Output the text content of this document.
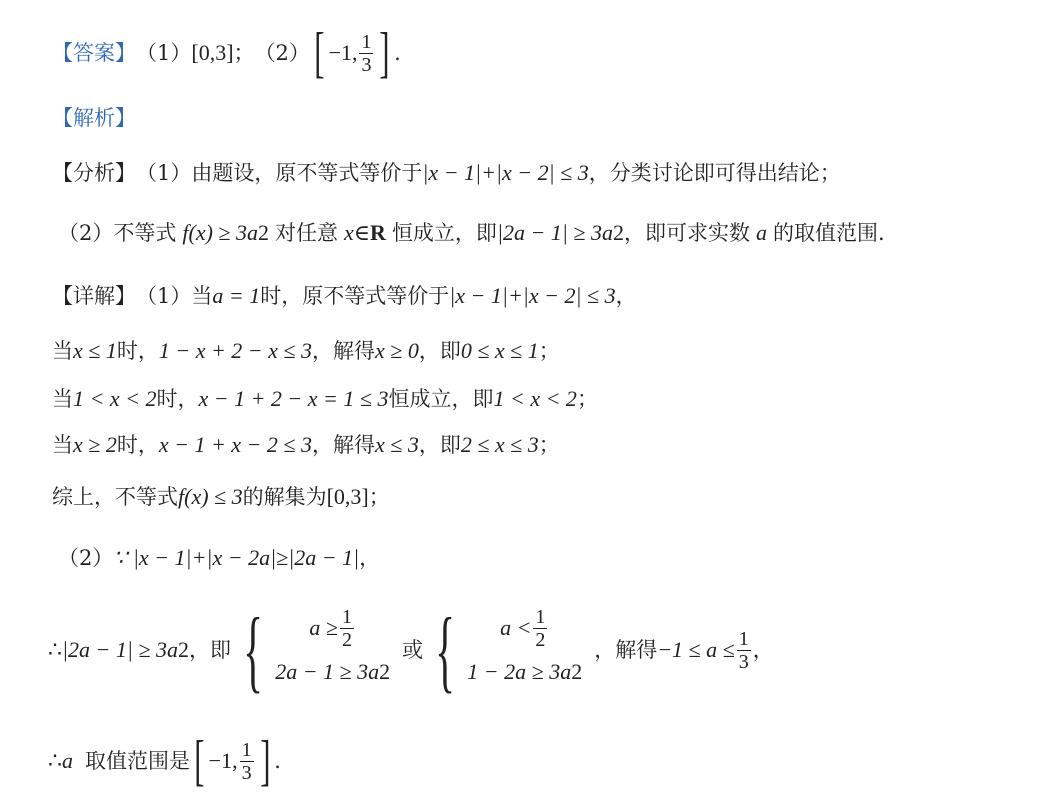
【答案】 （1） [0,3] ； （2） [ −1, $\frac{1}{3}$ ] .
【解析】
【分析】 （1）由题设，原不等式等价于 |x − 1|+|x − 2| ≤ 3 ，分类讨论即可得出结论；
（2）不等式 f(x) ≥ 3a 2 对任意 x∈ R 恒成立，即 |2a − 1| ≥ 3a 2 ，即可求实数 a 的取值范围.
【详解】 （1）当 a = 1 时，原不等式等价于 |x − 1|+|x − 2| ≤ 3 ，
当 x ≤ 1 时， 1 − x + 2 − x ≤ 3 ，解得 x ≥ 0 ，即 0 ≤ x ≤ 1 ；
当 1 < x < 2 时， x − 1 + 2 − x = 1 ≤ 3 恒成立，即 1 < x < 2 ；
当 x ≥ 2 时， x − 1 + x − 2 ≤ 3 ，解得 x ≤ 3 ，即 2 ≤ x ≤ 3 ；
综上，不等式 f(x) ≤ 3 的解集为 [0,3] ；
（2） ∵ |x − 1|+|x − 2a|≥|2a − 1| ，
∴ |2a − 1| ≥ 3a 2 ，即 { $a \ge \frac{1}{2}$
2a − 1 ≥ 3a 2
或 { $a < \frac{1}{2}$
1 − 2a ≥ 3a 2
，解得 $-1 \le a \le \frac{1}{3}$ ，
∴ a 取值范围是 [ −1, $\frac{1}{3}$ ] .
